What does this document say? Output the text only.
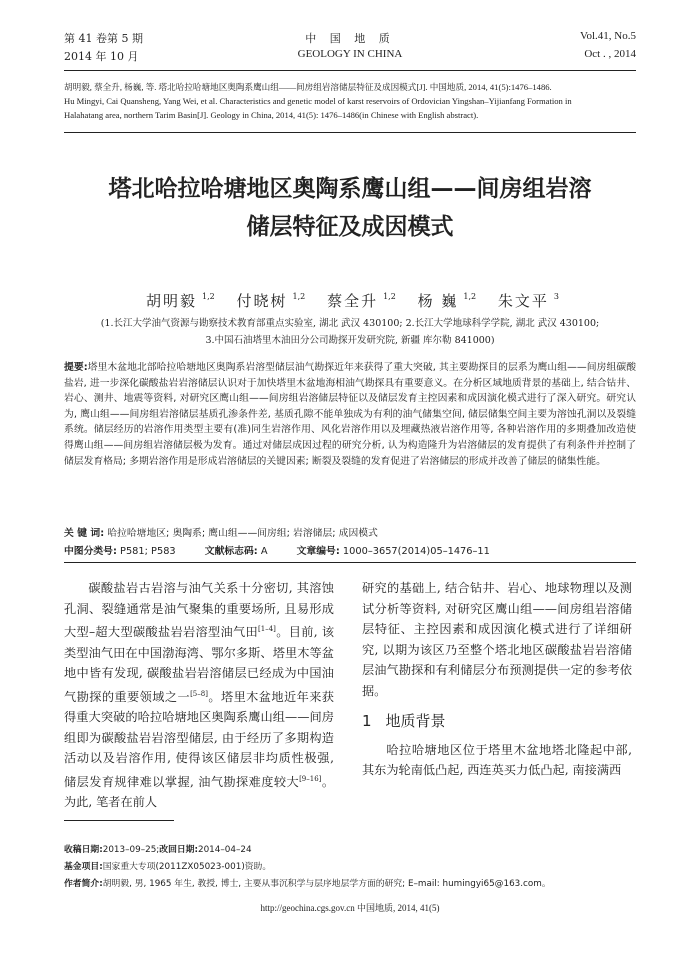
第 41 卷第 5 期
2014 年 10 月
中 国 地 质
GEOLOGY IN CHINA
Vol.41, No.5
Oct . , 2014

胡明毅, 蔡全升, 杨巍, 等. 塔北哈拉哈塘地区奥陶系鹰山组——间房组岩溶储层特征及成因模式[J]. 中国地质, 2014, 41(5):1476–1486.

Hu Mingyi, Cai Quansheng, Yang Wei, et al. Characteristics and genetic model of karst reservoirs of Ordovician Yingshan–Yijianfang Formation in

Halahatang area, northern Tarim Basin[J]. Geology in China, 2014, 41(5): 1476–1486(in Chinese with English abstract).

塔北哈拉哈塘地区奥陶系鹰山组——间房组岩溶
储层特征及成因模式
胡明毅 $^{1,2}$ 付晓树 $^{1,2}$ 蔡全升 $^{1,2}$ 杨 巍 $^{1,2}$ 朱文平 $^3$
(1.长江大学油气资源与勘察技术教育部重点实验室, 湖北 武汉 430100; 2.长江大学地球科学学院, 湖北 武汉 430100;
3.中国石油塔里木油田分公司勘探开发研究院, 新疆 库尔勒 841000)

提要:塔里木盆地北部哈拉哈塘地区奥陶系岩溶型储层油气勘探近年来获得了重大突破, 其主要勘探目的层系为鹰山组——间房组碳酸盐岩, 进一步深化碳酸盐岩岩溶储层认识对于加快塔里木盆地海相油气勘探具有重要意义。在分析区域地质背景的基础上, 结合钻井、岩心、测井、地震等资料, 对研究区鹰山组——间房组岩溶储层特征以及储层发育主控因素和成因演化模式进行了深入研究。研究认为, 鹰山组——间房组岩溶储层基质孔渗条件差, 基质孔隙不能单独成为有利的油气储集空间, 储层储集空间主要为溶蚀孔洞以及裂缝系统。储层经历的岩溶作用类型主要有(准)同生岩溶作用、风化岩溶作用以及埋藏热液岩溶作用等, 各种岩溶作用的多期叠加改造使得鹰山组——间房组岩溶储层极为发育。通过对储层成因过程的研究分析, 认为构造隆升为岩溶储层的发育提供了有利条件并控制了储层发育格局; 多期岩溶作用是形成岩溶储层的关键因素; 断裂及裂缝的发育促进了岩溶储层的形成并改善了储层的储集性能。

关 键 词: 哈拉哈塘地区; 奥陶系; 鹰山组——间房组; 岩溶储层; 成因模式
中图分类号: P581; P583	文献标志码: A	文章编号: 1000–3657(2014)05–1476–11

碳酸盐岩古岩溶与油气关系十分密切, 其溶蚀孔洞、裂缝通常是油气聚集的重要场所, 且易形成大型–超大型碳酸盐岩岩溶型油气田[1–4]。目前, 该类型油气田在中国渤海湾、鄂尔多斯、塔里木等盆地中皆有发现, 碳酸盐岩岩溶储层已经成为中国油气勘探的重要领域之一[5–8]。塔里木盆地近年来获得重大突破的哈拉哈塘地区奥陶系鹰山组——间房组即为碳酸盐岩岩溶型储层, 由于经历了多期构造活动以及岩溶作用, 使得该区储层非均质性极强, 储层发育规律难以掌握, 油气勘探难度较大[9–16]。为此, 笔者在前人

研究的基础上, 结合钻井、岩心、地球物理以及测试分析等资料, 对研究区鹰山组——间房组岩溶储层特征、主控因素和成因演化模式进行了详细研究, 以期为该区乃至整个塔北地区碳酸盐岩岩溶储层油气勘探和有利储层分布预测提供一定的参考依据。

1 地质背景

哈拉哈塘地区位于塔里木盆地塔北隆起中部, 其东为轮南低凸起, 西连英买力低凸起, 南接满西

收稿日期:2013–09–25;改回日期:2014–04–24
基金项目:国家重大专项(2011ZX05023-001)资助。
作者简介:胡明毅, 男, 1965 年生, 教授, 博士, 主要从事沉积学与层序地层学方面的研究; E–mail: humingyi65@163.com。
http://geochina.cgs.gov.cn 中国地质, 2014, 41(5)
